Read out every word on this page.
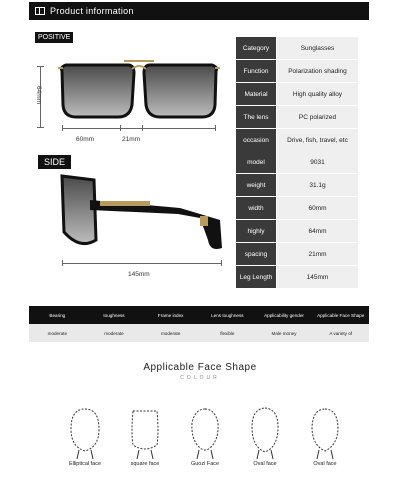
Product information
POSITIVE
64mm
60mm	21mm
SIDE
145mm
Category	Sunglasses
Function	Polarization shading
Material	High quality alloy
The lens	PC polarized
occasion	Drive, fish, travel, etc
model	9031
weight	31.1g
width	60mm
highly	64mm
spacing	21mm
Leg Length	145mm
Bearing	toughness	Frame index	Lens toughness	Applicability gender	Applicable Face Shape
moderate	moderate	moderate	flexible	Male money	A variety of
Applicable Face Shape
COLOUR
Elliptical face	square face	Guozi Face	Oval face	Oval face
